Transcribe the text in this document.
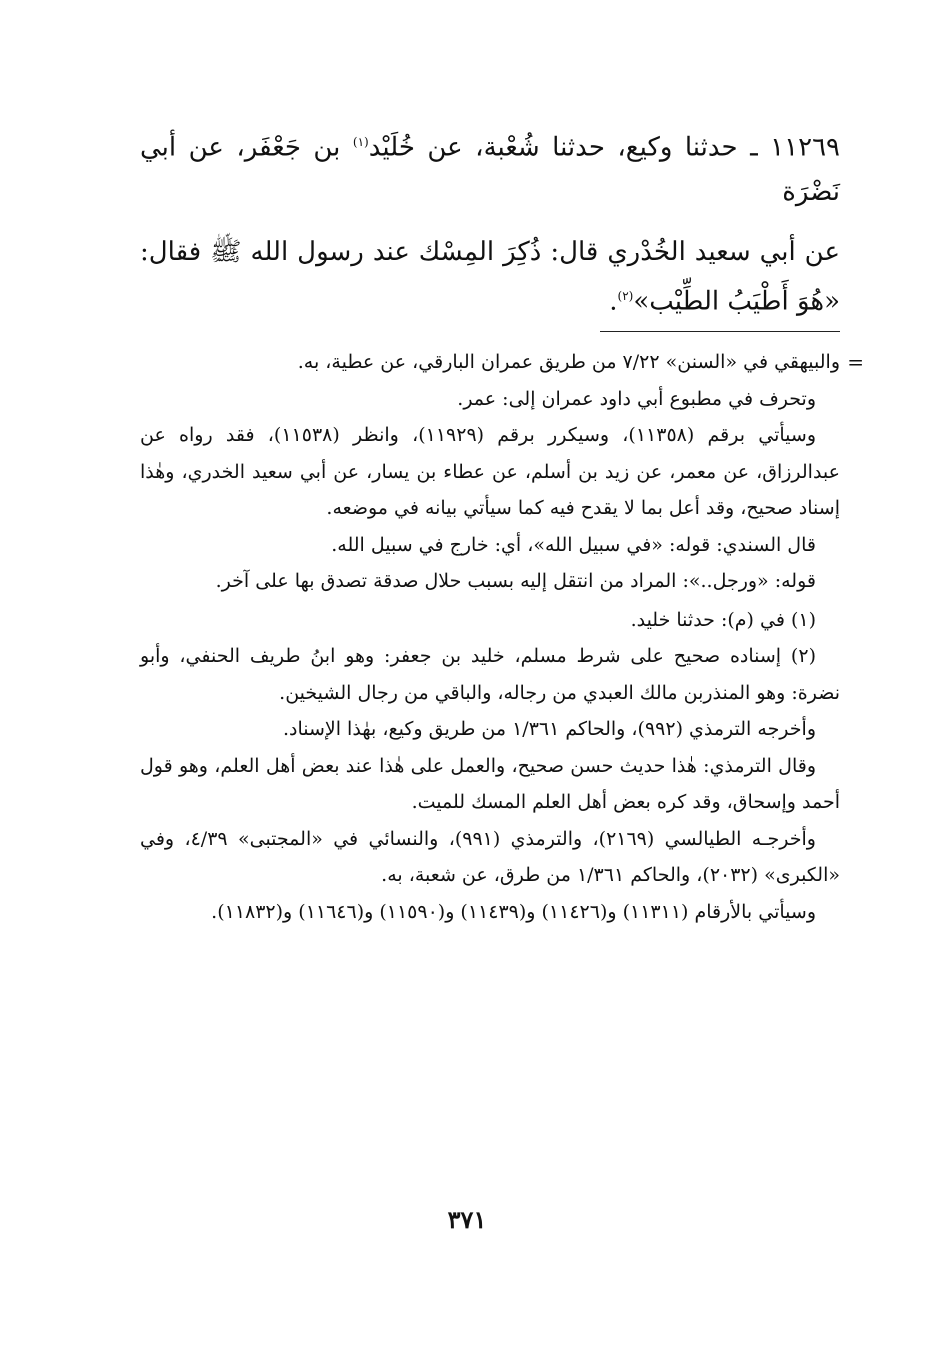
١١٢٦٩ ـ حدثنا وكيع، حدثنا شُعْبة، عن خُلَيْد$^{(١)}$ بن جَعْفَر، عن أبي نَضْرَة

عن أبي سعيد الخُدْري قال: ذُكِرَ المِسْك عند رسول الله ﷺ فقال: «هُوَ أَطْيَبُ الطِّيْب»$^{(٢)}$.

=
والبيهقي في «السنن» ٧/٢٢ من طريق عمران البارقي، عن عطية، به.

وتحرف في مطبوع أبي داود عمران إلى: عمر.

وسيأتي برقم (١١٣٥٨)، وسيكرر برقم (١١٩٢٩)، وانظر (١١٥٣٨)، فقد رواه عن عبدالرزاق، عن معمر، عن زيد بن أسلم، عن عطاء بن يسار، عن أبي سعيد الخدري، وهٰذا إسناد صحيح، وقد أعل بما لا يقدح فيه كما سيأتي بيانه في موضعه.

قال السندي: قوله: «في سبيل الله»، أي: خارج في سبيل الله.

قوله: «ورجل..»: المراد من انتقل إليه بسبب حلال صدقة تصدق بها على آخر.

(١) في (م): حدثنا خليد.

(٢) إسناده صحيح على شرط مسلم، خليد بن جعفر: وهو ابنُ طريف الحنفي، وأبو نضرة: وهو المنذربن مالك العبدي من رجاله، والباقي من رجال الشيخين.

وأخرجه الترمذي (٩٩٢)، والحاكم ١/٣٦١ من طريق وكيع، بهٰذا الإسناد.

وقال الترمذي: هٰذا حديث حسن صحيح، والعمل على هٰذا عند بعض أهل العلم، وهو قول أحمد وإسحاق، وقد كره بعض أهل العلم المسك للميت.

وأخرجـه الطيالسي (٢١٦٩)، والترمذي (٩٩١)، والنسائي في «المجتبى» ٤/٣٩، وفي «الكبرى» (٢٠٣٢)، والحاكم ١/٣٦١ من طرق، عن شعبة، به.

وسيأتي بالأرقام (١١٣١١) و(١١٤٢٦) و(١١٤٣٩) و(١١٥٩٠) و(١١٦٤٦) و(١١٨٣٢).

٣٧١
